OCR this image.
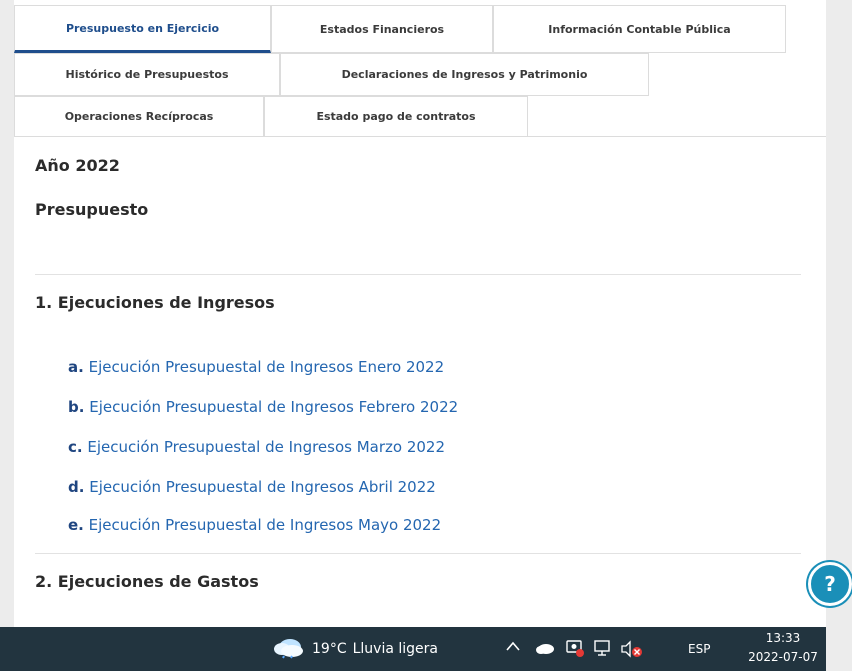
Presupuesto en Ejercicio	Estados Financieros	Información Contable Pública
Histórico de Presupuestos	Declaraciones de Ingresos y Patrimonio
Operaciones Recíprocas	Estado pago de contratos
Año 2022
Presupuesto
1. Ejecuciones de Ingresos
a. Ejecución Presupuestal de Ingresos Enero 2022
b. Ejecución Presupuestal de Ingresos Febrero 2022
c. Ejecución Presupuestal de Ingresos Marzo 2022
d. Ejecución Presupuestal de Ingresos Abril 2022
e. Ejecución Presupuestal de Ingresos Mayo 2022
2. Ejecuciones de Gastos	?
19°C Lluvia ligera	ESP
13:33
2022-07-07
